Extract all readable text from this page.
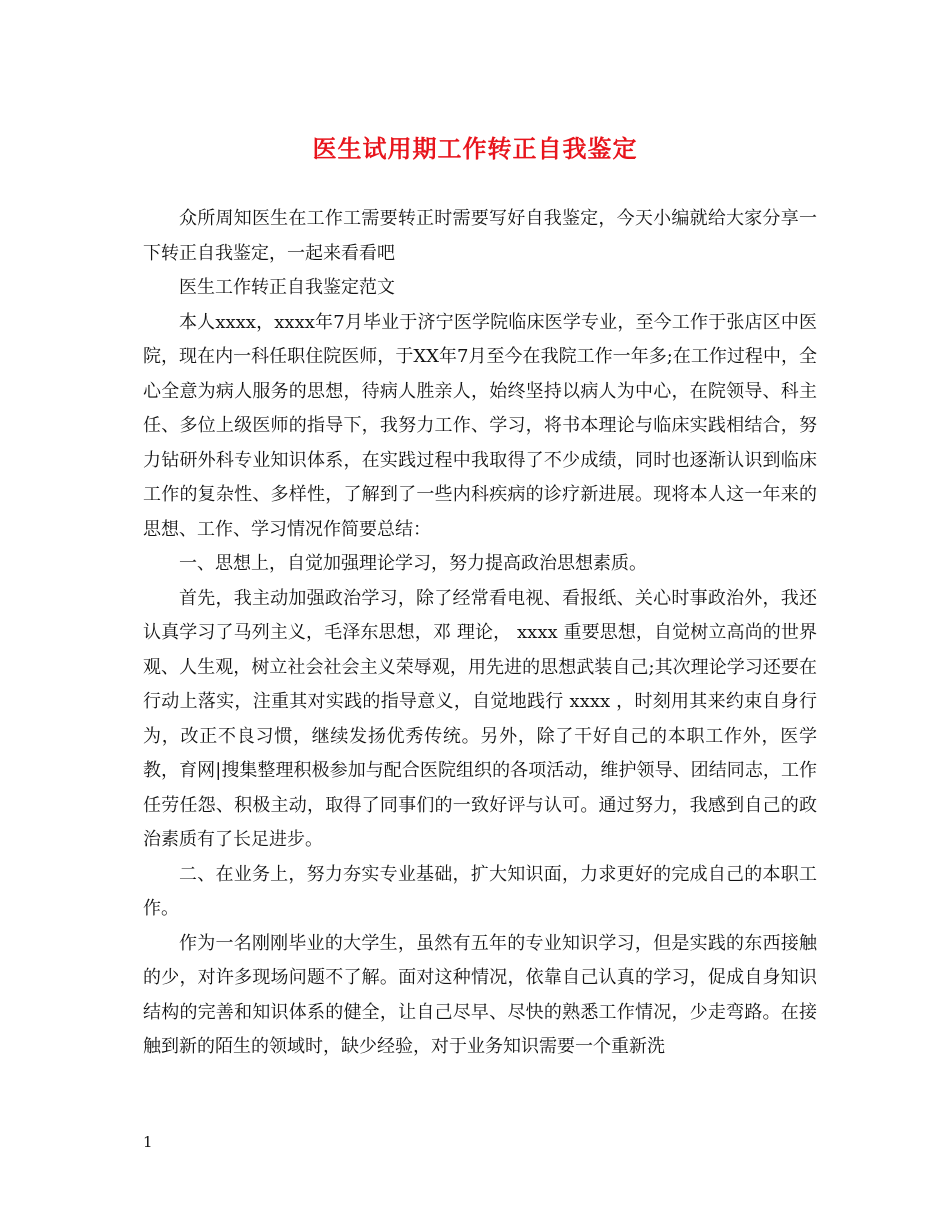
医生试用期工作转正自我鉴定

众所周知医生在工作工需要转正时需要写好自我鉴定，今天小编就给大家分享一下转正自我鉴定，一起来看看吧

医生工作转正自我鉴定范文

本人xxxx，xxxx年7月毕业于济宁医学院临床医学专业，至今工作于张店区中医院，现在内一科任职住院医师，于XX年7月至今在我院工作一年多;在工作过程中，全心全意为病人服务的思想，待病人胜亲人，始终坚持以病人为中心，在院领导、科主任、多位上级医师的指导下，我努力工作、学习，将书本理论与临床实践相结合，努力钻研外科专业知识体系，在实践过程中我取得了不少成绩，同时也逐渐认识到临床工作的复杂性、多样性，了解到了一些内科疾病的诊疗新进展。现将本人这一年来的思想、工作、学习情况作简要总结：

一、思想上，自觉加强理论学习，努力提高政治思想素质。

首先，我主动加强政治学习，除了经常看电视、看报纸、关心时事政治外，我还认真学习了马列主义，毛泽东思想，邓 理论， xxxx 重要思想，自觉树立高尚的世界观、人生观，树立社会社会主义荣辱观，用先进的思想武装自己;其次理论学习还要在行动上落实，注重其对实践的指导意义，自觉地践行 xxxx ，时刻用其来约束自身行为，改正不良习惯，继续发扬优秀传统。另外，除了干好自己的本职工作外，医学教，育网|搜集整理积极参加与配合医院组织的各项活动，维护领导、团结同志，工作任劳任怨、积极主动，取得了同事们的一致好评与认可。通过努力，我感到自己的政治素质有了长足进步。

二、在业务上，努力夯实专业基础，扩大知识面，力求更好的完成自己的本职工作。

作为一名刚刚毕业的大学生，虽然有五年的专业知识学习，但是实践的东西接触的少，对许多现场问题不了解。面对这种情况，依靠自己认真的学习，促成自身知识结构的完善和知识体系的健全，让自己尽早、尽快的熟悉工作情况，少走弯路。在接触到新的陌生的领域时，缺少经验，对于业务知识需要一个重新洗

1
